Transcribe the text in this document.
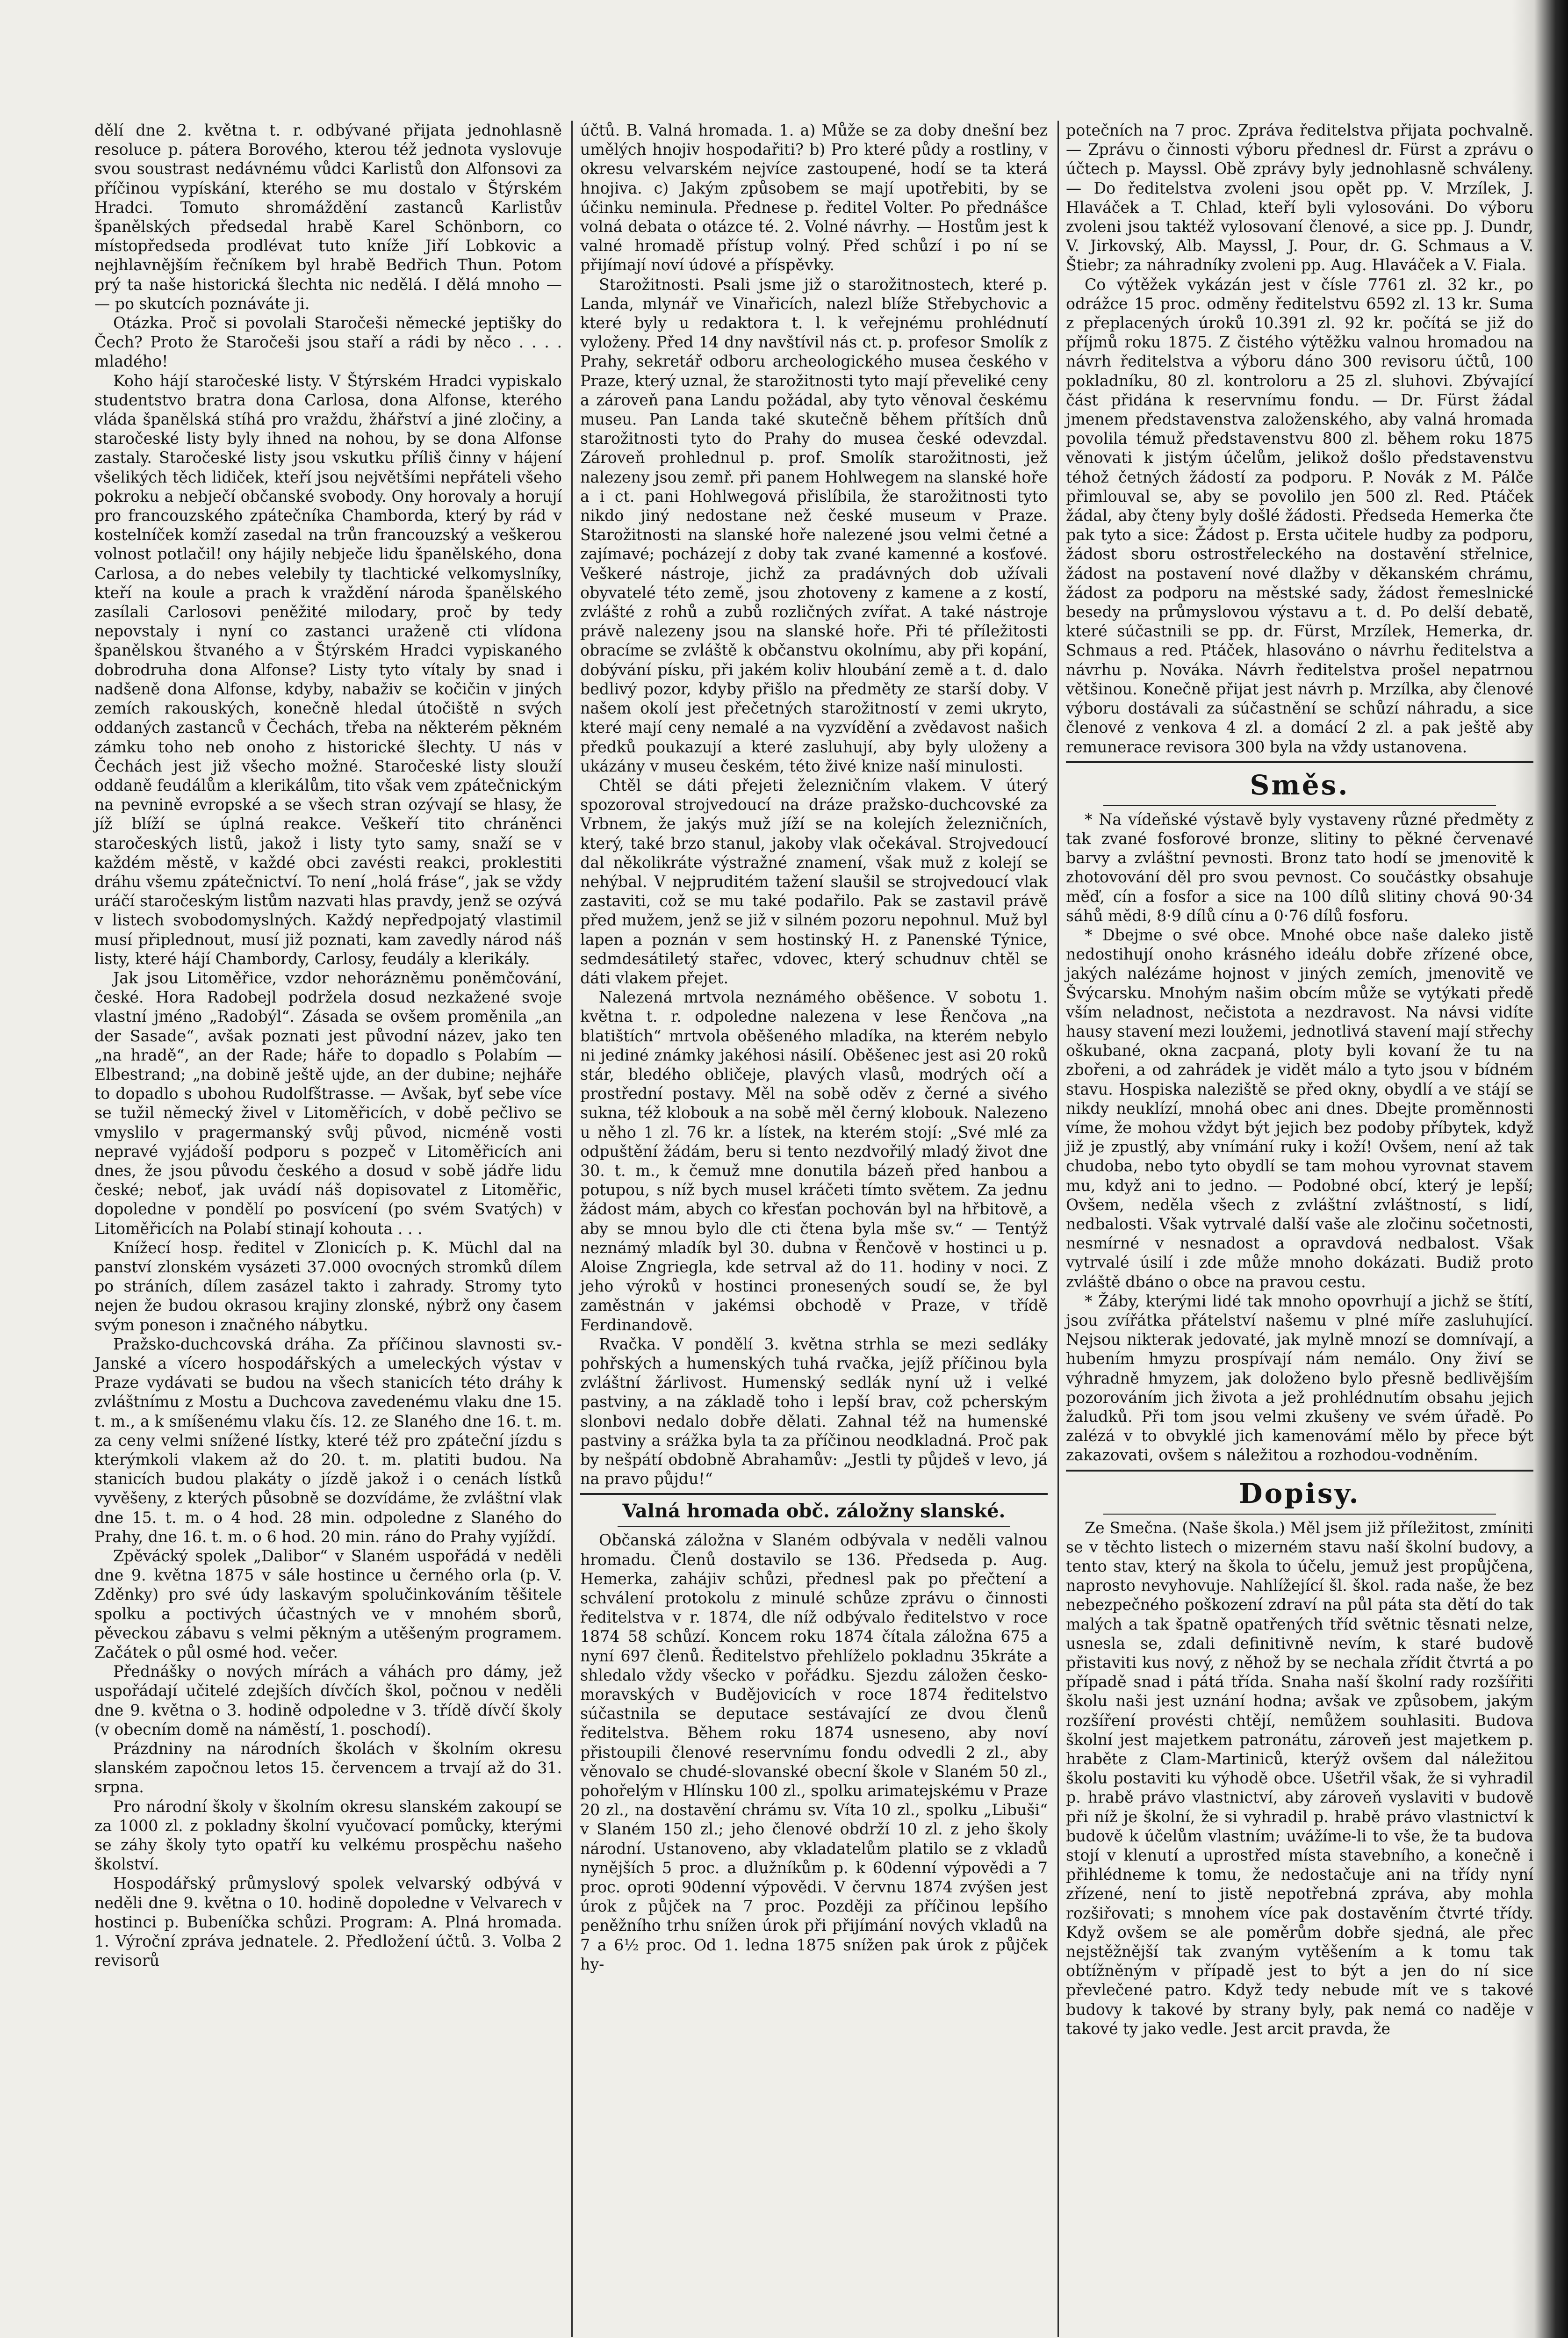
dělí dne 2. května t. r. odbývané přijata jednohlasně resoluce p. pátera Borového, kterou též jednota vyslovuje svou soustrast nedávnému vůdci Karlistů don Alfonsovi za příčinou vypískání, kterého se mu dostalo v Štýrském Hradci. Tomuto shromáždění zastanců Karlistův španělských předsedal hrabě Karel Schönborn, co místopředseda prodlévat tuto kníže Jiří Lobkovic a nejhlavnějším řečníkem byl hrabě Bedřich Thun. Potom prý ta naše historická šlechta nic nedělá. I dělá mnoho — — po skutcích poznáváte ji.

Otázka. Proč si povolali Staročeši německé jeptišky do Čech? Proto že Staročeši jsou staří a rádi by něco . . . . mladého!

Koho hájí staročeské listy. V Štýrském Hradci vypiskalo studentstvo bratra dona Carlosa, dona Alfonse, kterého vláda španělská stíhá pro vraždu, žhářství a jiné zločiny, a staročeské listy byly ihned na nohou, by se dona Alfonse zastaly. Staročeské listy jsou vskutku příliš činny v hájení všelikých těch lidiček, kteří jsou největšími nepřáteli všeho pokroku a nebječí občanské svobody. Ony horovaly a horují pro francouzského zpátečníka Chamborda, který by rád v kostelníček komží zasedal na trůn francouzský a veškerou volnost potlačil! ony hájily nebječe lidu španělského, dona Carlosa, a do nebes velebily ty tlachtické velkomyslníky, kteří na koule a prach k vraždění národa španělského zasílali Carlosovi peněžité milodary, proč by tedy nepovstaly i nyní co zastanci uraženě cti vlídona španělskou štvaného a v Štýrském Hradci vypiskaného dobrodruha dona Alfonse? Listy tyto vítaly by snad i nadšeně dona Alfonse, kdyby, nabaživ se kočičin v jiných zemích rakouských, konečně hledal útočiště n svých oddaných zastanců v Čechách, třeba na některém pěkném zámku toho neb onoho z historické šlechty. U nás v Čechách jest již všecho možné. Staročeské listy slouží oddaně feudálům a klerikálům, tito však vem zpátečnickým na pevnině evropské a se všech stran ozývají se hlasy, že jíž blíží se úplná reakce. Veškeří tito chráněnci staročeských listů, jakož i listy tyto samy, snaží se v každém městě, v každé obci zavésti reakci, proklestiti dráhu všemu zpátečnictví. To není „holá fráse“, jak se vždy uráčí staročeským listům nazvati hlas pravdy, jenž se ozývá v listech svobodomyslných. Každý nepředpojatý vlastimil musí připlednout, musí již poznati, kam zavedly národ náš listy, které hájí Chambordy, Carlosy, feudály a klerikály.

Jak jsou Litoměřice, vzdor nehorázněmu poněmčování, české. Hora Radobejl podržela dosud nezkažené svoje vlastní jméno „Radobýl“. Zásada se ovšem proměnila „an der Sasade“, avšak poznati jest původní název, jako ten „na hradě“, an der Rade; háře to dopadlo s Polabím — Elbestrand; „na dobině ještě ujde, an der dubine; nejháře to dopadlo s ubohou Rudolfštrasse. — Avšak, byť sebe více se tužil německý živel v Litoměřicích, v době pečlivo se vmyslilo v pragermanský svůj původ, nicméně vosti nepravé vyjádoší podporu s pozpeč v Litoměřicích ani dnes, že jsou původu českého a dosud v sobě jádře lidu české; neboť, jak uvádí náš dopisovatel z Litoměřic, dopoledne v pondělí po posvícení (po svém Svatých) v Litoměřicích na Polabí stinají kohouta . . .

Knížecí hosp. ředitel v Zlonicích p. K. Müchl dal na panství zlonském vysázeti 37.000 ovocných stromků dílem po stráních, dílem zasázel takto i zahrady. Stromy tyto nejen že budou okrasou krajiny zlonské, nýbrž ony časem svým poneson i značného nábytku.

Pražsko-duchcovská dráha. Za příčinou slavnosti sv.-Janské a vícero hospodářských a umeleckých výstav v Praze vydávati se budou na všech stanicích této dráhy k zvláštnímu z Mostu a Duchcova zavedenému vlaku dne 15. t. m., a k smíšenému vlaku čís. 12. ze Slaného dne 16. t. m. za ceny velmi snížené lístky, které též pro zpáteční jízdu s kterýmkoli vlakem až do 20. t. m. platiti budou. Na stanicích budou plakáty o jízdě jakož i o cenách lístků vyvěšeny, z kterých působně se dozvídáme, že zvláštní vlak dne 15. t. m. o 4 hod. 28 min. odpoledne z Slaného do Prahy, dne 16. t. m. o 6 hod. 20 min. ráno do Prahy vyjíždí.

Zpěvácký spolek „Dalibor“ v Slaném uspořádá v neděli dne 9. května 1875 v sále hostince u černého orla (p. V. Zděnky) pro své údy laskavým spolučinkováním těšitele spolku a poctivých účastných ve v mnohém sborů, pěveckou zábavu s velmi pěkným a utěšeným programem. Začátek o půl osmé hod. večer.

Přednášky o nových mírách a váhách pro dámy, jež uspořádají učitelé zdejších dívčích škol, počnou v neděli dne 9. května o 3. hodině odpoledne v 3. třídě dívčí školy (v obecním domě na náměstí, 1. poschodí).

Prázdniny na národních školách v školním okresu slanském započnou letos 15. červencem a trvají až do 31. srpna.

Pro národní školy v školním okresu slanském zakoupí se za 1000 zl. z pokladny školní vyučovací pomůcky, kterými se záhy školy tyto opatří ku velkému prospěchu našeho školství.

Hospodářský průmyslový spolek velvarský odbývá v neděli dne 9. května o 10. hodině dopoledne v Velvarech v hostinci p. Bubeníčka schůzi. Program: A. Plná hromada. 1. Výroční zpráva jednatele. 2. Předložení účtů. 3. Volba 2 revisorů

účtů. B. Valná hromada. 1. a) Může se za doby dnešní bez umělých hnojiv hospodařiti? b) Pro které půdy a rostliny, v okresu velvarském nejvíce zastoupené, hodí se ta která hnojiva. c) Jakým způsobem se mají upotřebiti, by se účinku neminula. Přednese p. ředitel Volter. Po přednášce volná debata o otázce té. 2. Volné návrhy. — Hostům jest k valné hromadě přístup volný. Před schůzí i po ní se přijímají noví údové a příspěvky.

Starožitnosti. Psali jsme již o starožitnostech, které p. Landa, mlynář ve Vinařicích, nalezl blíže Střebychovic a které byly u redaktora t. l. k veřejnému prohlédnutí vyloženy. Před 14 dny navštívil nás ct. p. profesor Smolík z Prahy, sekretář odboru archeologického musea českého v Praze, který uznal, že starožitnosti tyto mají převeliké ceny a zároveň pana Landu požádal, aby tyto věnoval českému museu. Pan Landa také skutečně během přítších dnů starožitnosti tyto do Prahy do musea české odevzdal. Zároveň prohlednul p. prof. Smolík starožitnosti, jež nalezeny jsou zemř. při panem Hohlwegem na slanské hoře a i ct. pani Hohlwegová přislíbila, že starožitnosti tyto nikdo jiný nedostane než české museum v Praze. Starožitnosti na slanské hoře nalezené jsou velmi četné a zajímavé; pocházejí z doby tak zvané kamenné a kosťové. Veškeré nástroje, jichž za pradávných dob užívali obyvatelé této země, jsou zhotoveny z kamene a z kostí, zvlášté z rohů a zubů rozličných zvířat. A také nástroje právě nalezeny jsou na slanské hoře. Při té příležitosti obracíme se zvláště k občanstvu okolnímu, aby při kopání, dobývání písku, při jakém koliv hloubání země a t. d. dalo bedlivý pozor, kdyby přišlo na předměty ze starší doby. V našem okolí jest přečetných starožitností v zemi ukryto, které mají ceny nemalé a na vyzvídění a zvědavost našich předků poukazují a které zasluhují, aby byly uloženy a ukázány v museu českém, této živé knize naší minulosti.

Chtěl se dáti přejeti železničním vlakem. V úterý spozoroval strojvedoucí na dráze pražsko-duchcovské za Vrbnem, že jakýs muž jíží se na kolejích železničních, který, také brzo stanul, jakoby vlak očekával. Strojvedoucí dal několikráte výstražné znamení, však muž z kolejí se nehýbal. V nejpruditém tažení slaušil se strojvedoucí vlak zastaviti, což se mu také podařilo. Pak se zastavil právě před mužem, jenž se již v silném pozoru nepohnul. Muž byl lapen a poznán v sem hostinský H. z Panenské Týnice, sedmdesátiletý stařec, vdovec, který schudnuv chtěl se dáti vlakem přejet.

Nalezená mrtvola neznámého oběšence. V sobotu 1. května t. r. odpoledne nalezena v lese Řenčova „na blatištích“ mrtvola oběšeného mladíka, na kterém nebylo ni jediné známky jakéhosi násilí. Oběšenec jest asi 20 roků stár, bledého obličeje, plavých vlasů, modrých očí a prostřední postavy. Měl na sobě oděv z černé a sivého sukna, též klobouk a na sobě měl černý klobouk. Nalezeno u něho 1 zl. 76 kr. a lístek, na kterém stojí: „Své mlé za odpuštění žádám, beru si tento nezdvořilý mladý život dne 30. t. m., k čemuž mne donutila bázeň před hanbou a potupou, s níž bych musel kráčeti tímto světem. Za jednu žádost mám, abych co křesťan pochován byl na hřbitově, a aby se mnou bylo dle cti čtena byla mše sv.“ — Tentýž neznámý mladík byl 30. dubna v Řenčově v hostinci u p. Aloise Zngriegla, kde setrval až do 11. hodiny v noci. Z jeho výroků v hostinci pronesených soudí se, že byl zaměstnán v jakémsi obchodě v Praze, v třídě Ferdinandově.

Rvačka. V pondělí 3. května strhla se mezi sedláky pohřských a humenských tuhá rvačka, jejíž příčinou byla zvláštní žárlivost. Humenský sedlák nyní už i velké pastviny, a na základě toho i lepší brav, což pcherským slonbovi nedalo dobře dělati. Zahnal též na humenské pastviny a srážka byla ta za příčinou neodkladná. Proč pak by nešpátí obdobně Abrahamův: „Jestli ty půjdeš v levo, já na pravo půjdu!“

Valná hromada obč. záložny slanské.

Občanská záložna v Slaném odbývala v neděli valnou hromadu. Členů dostavilo se 136. Předseda p. Aug. Hemerka, zahájiv schůzi, přednesl pak po přečtení a schválení protokolu z minulé schůze zprávu o činnosti ředitelstva v r. 1874, dle níž odbývalo ředitelstvo v roce 1874 58 schůzí. Koncem roku 1874 čítala záložna 675 a nyní 697 členů. Ředitelstvo přehlíželo pokladnu 35kráte a shledalo vždy všecko v pořádku. Sjezdu záložen česko-moravských v Budějovicích v roce 1874 ředitelstvo súčastnila se deputace sestávající ze dvou členů ředitelstva. Během roku 1874 usneseno, aby noví přistoupili členové reservnímu fondu odvedli 2 zl., aby věnovalo se chudé-slovanské obecní škole v Slaném 50 zl., pohořelým v Hlínsku 100 zl., spolku arimatejskému v Praze 20 zl., na dostavění chrámu sv. Víta 10 zl., spolku „Libuši“ v Slaném 150 zl.; jeho členové obdrží 10 zl. z jeho školy národní. Ustanoveno, aby vkladatelům platilo se z vkladů nynějších 5 proc. a dlužníkům p. k 60denní výpovědi a 7 proc. oproti 90denní výpovědi. V červnu 1874 zvýšen jest úrok z půjček na 7 proc. Později za příčinou lepšího peněžního trhu snížen úrok při přijímání nových vkladů na 7 a 6½ proc. Od 1. ledna 1875 snížen pak úrok z půjček hy-

potečních na 7 proc. Zpráva ředitelstva přijata pochvalně. — Zprávu o činnosti výboru přednesl dr. Fürst a zprávu o účtech p. Mayssl. Obě zprávy byly jednohlasně schváleny. — Do ředitelstva zvoleni jsou opět pp. V. Mrzílek, J. Hlaváček a T. Chlad, kteří byli vylosováni. Do výboru zvoleni jsou taktéž vylosovaní členové, a sice pp. J. Dundr, V. Jirkovský, Alb. Mayssl, J. Pour, dr. G. Schmaus a V. Štiebr; za náhradníky zvoleni pp. Aug. Hlaváček a V. Fiala.

Co výtěžek vykázán jest v čísle 7761 zl. 32 kr., po odrážce 15 proc. odměny ředitelstvu 6592 zl. 13 kr. Suma z přeplacených úroků 10.391 zl. 92 kr. počítá se již do příjmů roku 1875. Z čistého výtěžku valnou hromadou na návrh ředitelstva a výboru dáno 300 revisoru účtů, 100 pokladníku, 80 zl. kontroloru a 25 zl. sluhovi. Zbývající část přidána k reservnímu fondu. — Dr. Fürst žádal jmenem představenstva založenského, aby valná hromada povolila témuž představenstvu 800 zl. během roku 1875 věnovati k jistým účelům, jelikož došlo představenstvu téhož četných žádostí za podporu. P. Novák z M. Pálče přimlouval se, aby se povolilo jen 500 zl. Red. Ptáček žádal, aby čteny byly došlé žádosti. Předseda Hemerka čte pak tyto a sice: Žádost p. Ersta učitele hudby za podporu, žádost sboru ostrostřeleckého na dostavění střelnice, žádost na postavení nové dlažby v děkanském chrámu, žádost za podporu na městské sady, žádost řemeslnické besedy na průmyslovou výstavu a t. d. Po delší debatě, které súčastnili se pp. dr. Fürst, Mrzílek, Hemerka, dr. Schmaus a red. Ptáček, hlasováno o návrhu ředitelstva a návrhu p. Nováka. Návrh ředitelstva prošel nepatrnou většinou. Konečně přijat jest návrh p. Mrzílka, aby členové výboru dostávali za súčastnění se schůzí náhradu, a sice členové z venkova 4 zl. a domácí 2 zl. a pak ještě aby remunerace revisora 300 byla na vždy ustanovena.

Směs.

* Na vídeňské výstavě byly vystaveny různé předměty z tak zvané fosforové bronze, slitiny to pěkné červenavé barvy a zvláštní pevnosti. Bronz tato hodí se jmenovitě k zhotovování děl pro svou pevnost. Co součástky obsahuje měď, cín a fosfor a sice na 100 dílů slitiny chová 90·34 sáhů mědi, 8·9 dílů cínu a 0·76 dílů fosforu.

* Dbejme o své obce. Mnohé obce naše daleko jistě nedostihují onoho krásného ideálu dobře zřízené obce, jakých nalézáme hojnost v jiných zemích, jmenovitě ve Švýcarsku. Mnohým našim obcím může se vytýkati předě vším neladnost, nečistota a nezdravost. Na návsi vidíte hausy stavení mezi loužemi, jednotlivá stavení mají střechy oškubané, okna zacpaná, ploty byli kovaní že tu na zbořeni, a od zahrádek je vidět málo a tyto jsou v bídném stavu. Hospiska naleziště se před okny, obydlí a ve stájí se nikdy neuklízí, mnohá obec ani dnes. Dbejte proměnnosti víme, že mohou vždyt být jejich bez podoby příbytek, když již je zpustlý, aby vnímání ruky i koží! Ovšem, není až tak chudoba, nebo tyto obydlí se tam mohou vyrovnat stavem mu, když ani to jedno. — Podobné obcí, který je lepší; Ovšem, neděla všech z zvláštní zvláštností, s lidí, nedbalosti. Však vytrvalé další vaše ale zločinu sočetnosti, nesmírné v nesnadost a opravdová nedbalost. Však vytrvalé úsilí i zde může mnoho dokázati. Budiž proto zvláště dbáno o obce na pravou cestu.

* Žáby, kterými lidé tak mnoho opovrhují a jichž se štítí, jsou zvířátka přátelství našemu v plné míře zasluhující. Nejsou nikterak jedovaté, jak mylně mnozí se domnívají, a hubením hmyzu prospívají nám nemálo. Ony živí se výhradně hmyzem, jak doloženo bylo přesně bedlivějším pozorováním jich života a jež prohlédnutím obsahu jejich žaludků. Při tom jsou velmi zkušeny ve svém úřadě. Po zalézá v to obvyklé jich kamenovámí mělo by přece být zakazovati, ovšem s náležitou a rozhodou-vodněním.

Dopisy.

Ze Smečna. (Naše škola.) Měl jsem již příležitost, zmíniti se v těchto listech o mizerném stavu naší školní budovy, a tento stav, který na škola to účelu, jemuž jest propůjčena, naprosto nevyhovuje. Nahlížející šl. škol. rada naše, že bez nebezpečného poškození zdraví na půl páta sta dětí do tak malých a tak špatně opatřených tříd světnic těsnati nelze, usnesla se, zdali definitivně nevím, k staré budově přistaviti kus nový, z něhož by se nechala zřídit čtvrtá a po případě snad i pátá třída. Snaha naší školní rady rozšířiti školu naši jest uznání hodna; avšak ve způsobem, jakým rozšíření provésti chtějí, nemůžem souhlasiti. Budova školní jest majetkem patronátu, zároveň jest majetkem p. hraběte z Clam-Martiniců, kterýž ovšem dal náležitou školu postaviti ku výhodě obce. Ušetřil však, že si vyhradil p. hrabě právo vlastnictví, aby zároveň vyslaviti v budově při níž je školní, že si vyhradil p. hrabě právo vlastnictví k budově k účelům vlastním; uvážíme-li to vše, že ta budova stojí v klenutí a uprostřed místa stavebního, a konečně i přihlédneme k tomu, že nedostačuje ani na třídy nyní zřízené, není to jistě nepotřebná zpráva, aby mohla rozšiřovati; s mnohem více pak dostavěním čtvrté třídy. Když ovšem se ale poměrům dobře sjedná, ale přec nejstěžnější tak zvaným vytěšením a k tomu tak obtížněným v případě jest to být a jen do ní sice převlečené patro. Když tedy nebude mít ve s takové budovy k takové by strany byly, pak nemá co naděje v takové ty jako vedle. Jest arcit pravda, že
